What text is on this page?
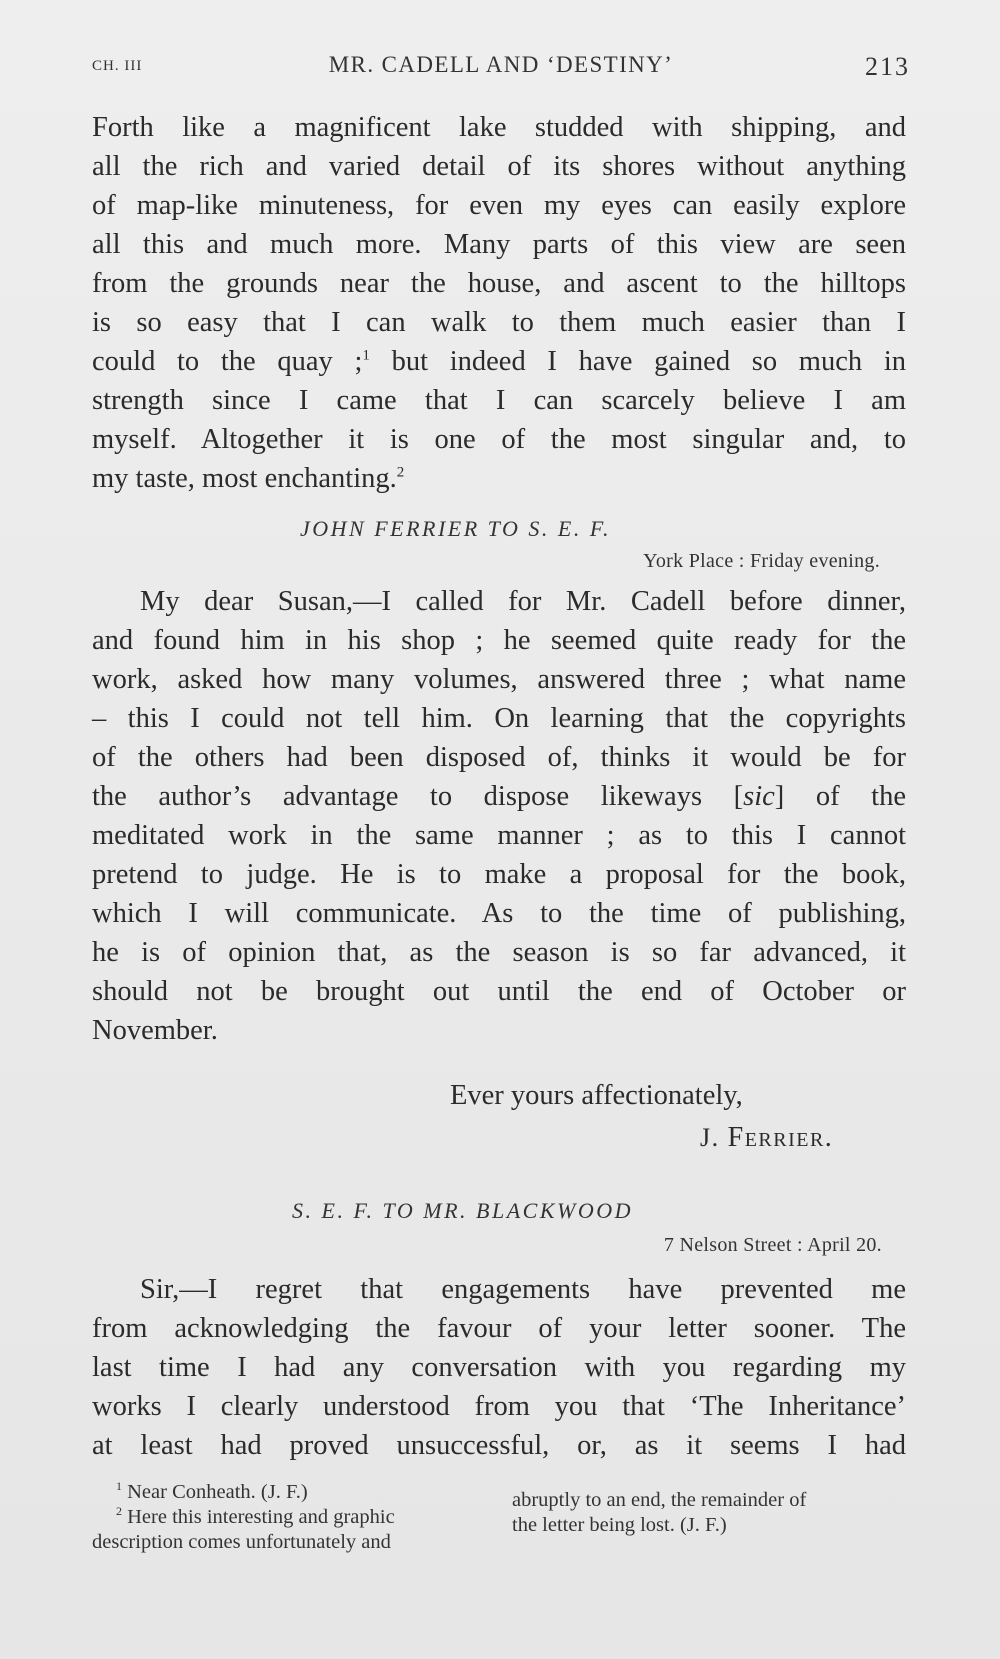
CH. III	MR. CADELL AND ‘DESTINY’	213
Forth like a magnificent lake studded with shipping, and
all the rich and varied detail of its shores without anything
of map-like minuteness, for even my eyes can easily explore
all this and much more. Many parts of this view are seen
from the grounds near the house, and ascent to the hilltops
is so easy that I can walk to them much easier than I
could to the quay ;$^1$ but indeed I have gained so much in
strength since I came that I can scarcely believe I am
myself. Altogether it is one of the most singular and, to
my taste, most enchanting.$^2$
JOHN FERRIER TO S. E. F.
York Place : Friday evening.
My dear Susan,—I called for Mr. Cadell before dinner,
and found him in his shop ; he seemed quite ready for the
work, asked how many volumes, answered three ; what name
– this I could not tell him. On learning that the copyrights
of the others had been disposed of, thinks it would be for
the author’s advantage to dispose likeways [sic] of the
meditated work in the same manner ; as to this I cannot
pretend to judge. He is to make a proposal for the book,
which I will communicate. As to the time of publishing,
he is of opinion that, as the season is so far advanced, it
should not be brought out until the end of October or
November.
Ever yours affectionately,
J. Ferrier.
S. E. F. TO MR. BLACKWOOD
7 Nelson Street : April 20.
Sir,—I regret that engagements have prevented me
from acknowledging the favour of your letter sooner. The
last time I had any conversation with you regarding my
works I clearly understood from you that ‘The Inheritance’
at least had proved unsuccessful, or, as it seems I had
$^1$ Near Conheath. (J. F.)
$^2$ Here this interesting and graphic
description comes unfortunately and
abruptly to an end, the remainder of
the letter being lost. (J. F.)
